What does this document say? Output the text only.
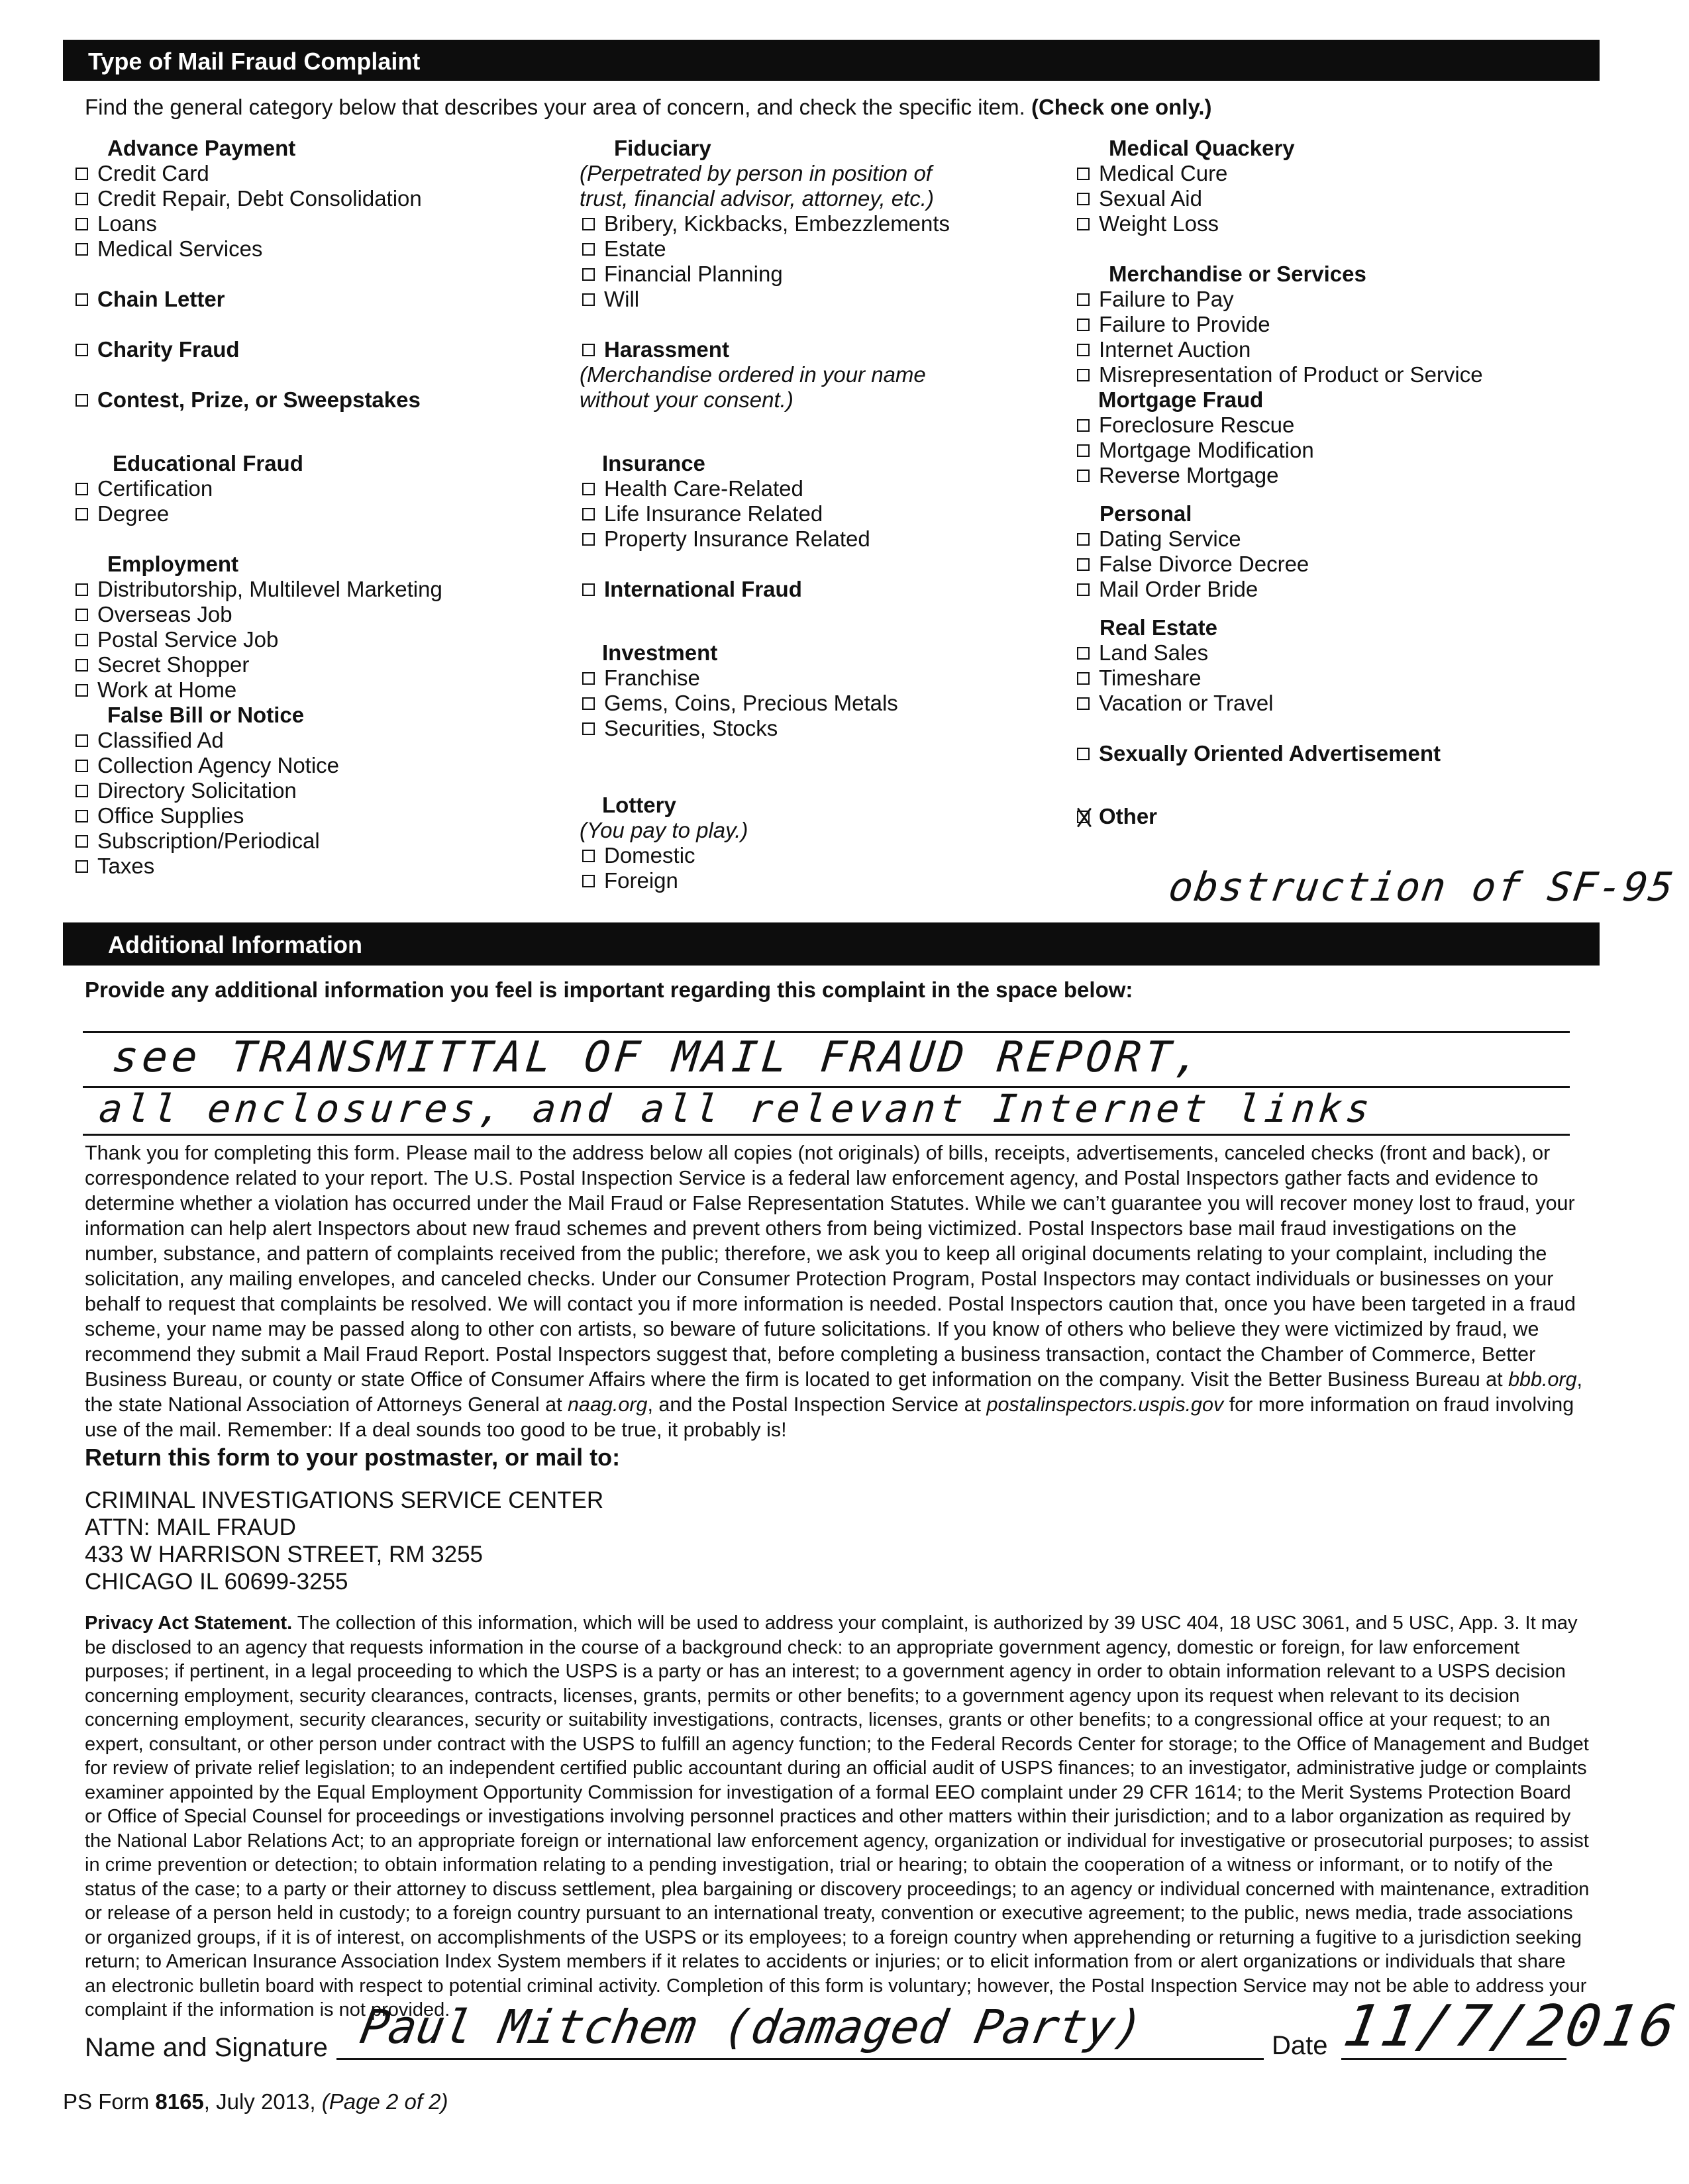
Type of Mail Fraud Complaint
Find the general category below that describes your area of concern, and check the specific item. (Check one only.)
Advance Payment
Credit Card
Credit Repair, Debt Consolidation
Loans
Medical Services
Chain Letter
Charity Fraud
Contest, Prize, or Sweepstakes
Educational Fraud
Certification
Degree
Employment
Distributorship, Multilevel Marketing
Overseas Job
Postal Service Job
Secret Shopper
Work at Home
False Bill or Notice
Classified Ad
Collection Agency Notice
Directory Solicitation
Office Supplies
Subscription/Periodical
Taxes
Fiduciary
(Perpetrated by person in position of
trust, financial advisor, attorney, etc.)
Bribery, Kickbacks, Embezzlements
Estate
Financial Planning
Will
Harassment
(Merchandise ordered in your name
without your consent.)
Insurance
Health Care-Related
Life Insurance Related
Property Insurance Related
International Fraud
Investment
Franchise
Gems, Coins, Precious Metals
Securities, Stocks
Lottery
(You pay to play.)
Domestic
Foreign
Medical Quackery
Medical Cure
Sexual Aid
Weight Loss
Merchandise or Services
Failure to Pay
Failure to Provide
Internet Auction
Misrepresentation of Product or Service
Mortgage Fraud
Foreclosure Rescue
Mortgage Modification
Reverse Mortgage
Personal
Dating Service
False Divorce Decree
Mail Order Bride
Real Estate
Land Sales
Timeshare
Vacation or Travel
Sexually Oriented Advertisement
Other
obstruction of SF-95
Additional Information
Provide any additional information you feel is important regarding this complaint in the space below:
see TRANSMITTAL OF MAIL FRAUD REPORT,
all enclosures, and all relevant Internet links
Thank you for completing this form. Please mail to the address below all copies (not originals) of bills, receipts, advertisements, canceled checks (front and back), or correspondence related to your report. The U.S. Postal Inspection Service is a federal law enforcement agency, and Postal Inspectors gather facts and evidence to determine whether a violation has occurred under the Mail Fraud or False Representation Statutes. While we can’t guarantee you will recover money lost to fraud, your information can help alert Inspectors about new fraud schemes and prevent others from being victimized. Postal Inspectors base mail fraud investigations on the number, substance, and pattern of complaints received from the public; therefore, we ask you to keep all original documents relating to your complaint, including the solicitation, any mailing envelopes, and canceled checks. Under our Consumer Protection Program, Postal Inspectors may contact individuals or businesses on your behalf to request that complaints be resolved. We will contact you if more information is needed. Postal Inspectors caution that, once you have been targeted in a fraud scheme, your name may be passed along to other con artists, so beware of future solicitations. If you know of others who believe they were victimized by fraud, we recommend they submit a Mail Fraud Report. Postal Inspectors suggest that, before completing a business transaction, contact the Chamber of Commerce, Better Business Bureau, or county or state Office of Consumer Affairs where the firm is located to get information on the company. Visit the Better Business Bureau at bbb.org, the state National Association of Attorneys General at naag.org, and the Postal Inspection Service at postalinspectors.uspis.gov for more information on fraud involving use of the mail. Remember: If a deal sounds too good to be true, it probably is!
Return this form to your postmaster, or mail to:
CRIMINAL INVESTIGATIONS SERVICE CENTER
ATTN: MAIL FRAUD
433 W HARRISON STREET, RM 3255
CHICAGO IL 60699-3255
Privacy Act Statement. The collection of this information, which will be used to address your complaint, is authorized by 39 USC 404, 18 USC 3061, and 5 USC, App. 3. It may be disclosed to an agency that requests information in the course of a background check: to an appropriate government agency, domestic or foreign, for law enforcement purposes; if pertinent, in a legal proceeding to which the USPS is a party or has an interest; to a government agency in order to obtain information relevant to a USPS decision concerning employment, security clearances, contracts, licenses, grants, permits or other benefits; to a government agency upon its request when relevant to its decision concerning employment, security clearances, security or suitability investigations, contracts, licenses, grants or other benefits; to a congressional office at your request; to an expert, consultant, or other person under contract with the USPS to fulfill an agency function; to the Federal Records Center for storage; to the Office of Management and Budget for review of private relief legislation; to an independent certified public accountant during an official audit of USPS finances; to an investigator, administrative judge or complaints examiner appointed by the Equal Employment Opportunity Commission for investigation of a formal EEO complaint under 29 CFR 1614; to the Merit Systems Protection Board or Office of Special Counsel for proceedings or investigations involving personnel practices and other matters within their jurisdiction; and to a labor organization as required by the National Labor Relations Act; to an appropriate foreign or international law enforcement agency, organization or individual for investigative or prosecutorial purposes; to assist in crime prevention or detection; to obtain information relating to a pending investigation, trial or hearing; to obtain the cooperation of a witness or informant, or to notify of the status of the case; to a party or their attorney to discuss settlement, plea bargaining or discovery proceedings; to an agency or individual concerned with maintenance, extradition or release of a person held in custody; to a foreign country pursuant to an international treaty, convention or executive agreement; to the public, news media, trade associations or organized groups, if it is of interest, on accomplishments of the USPS or its employees; to a foreign country when apprehending or returning a fugitive to a jurisdiction seeking return; to American Insurance Association Index System members if it relates to accidents or injuries; or to elicit information from or alert organizations or individuals that share an electronic bulletin board with respect to potential criminal activity. Completion of this form is voluntary; however, the Postal Inspection Service may not be able to address your complaint if the information is not provided.
Name and Signature Paul Mitchem (damaged Party)	Date 11/7/2016
PS Form 8165, July 2013, (Page 2 of 2)
